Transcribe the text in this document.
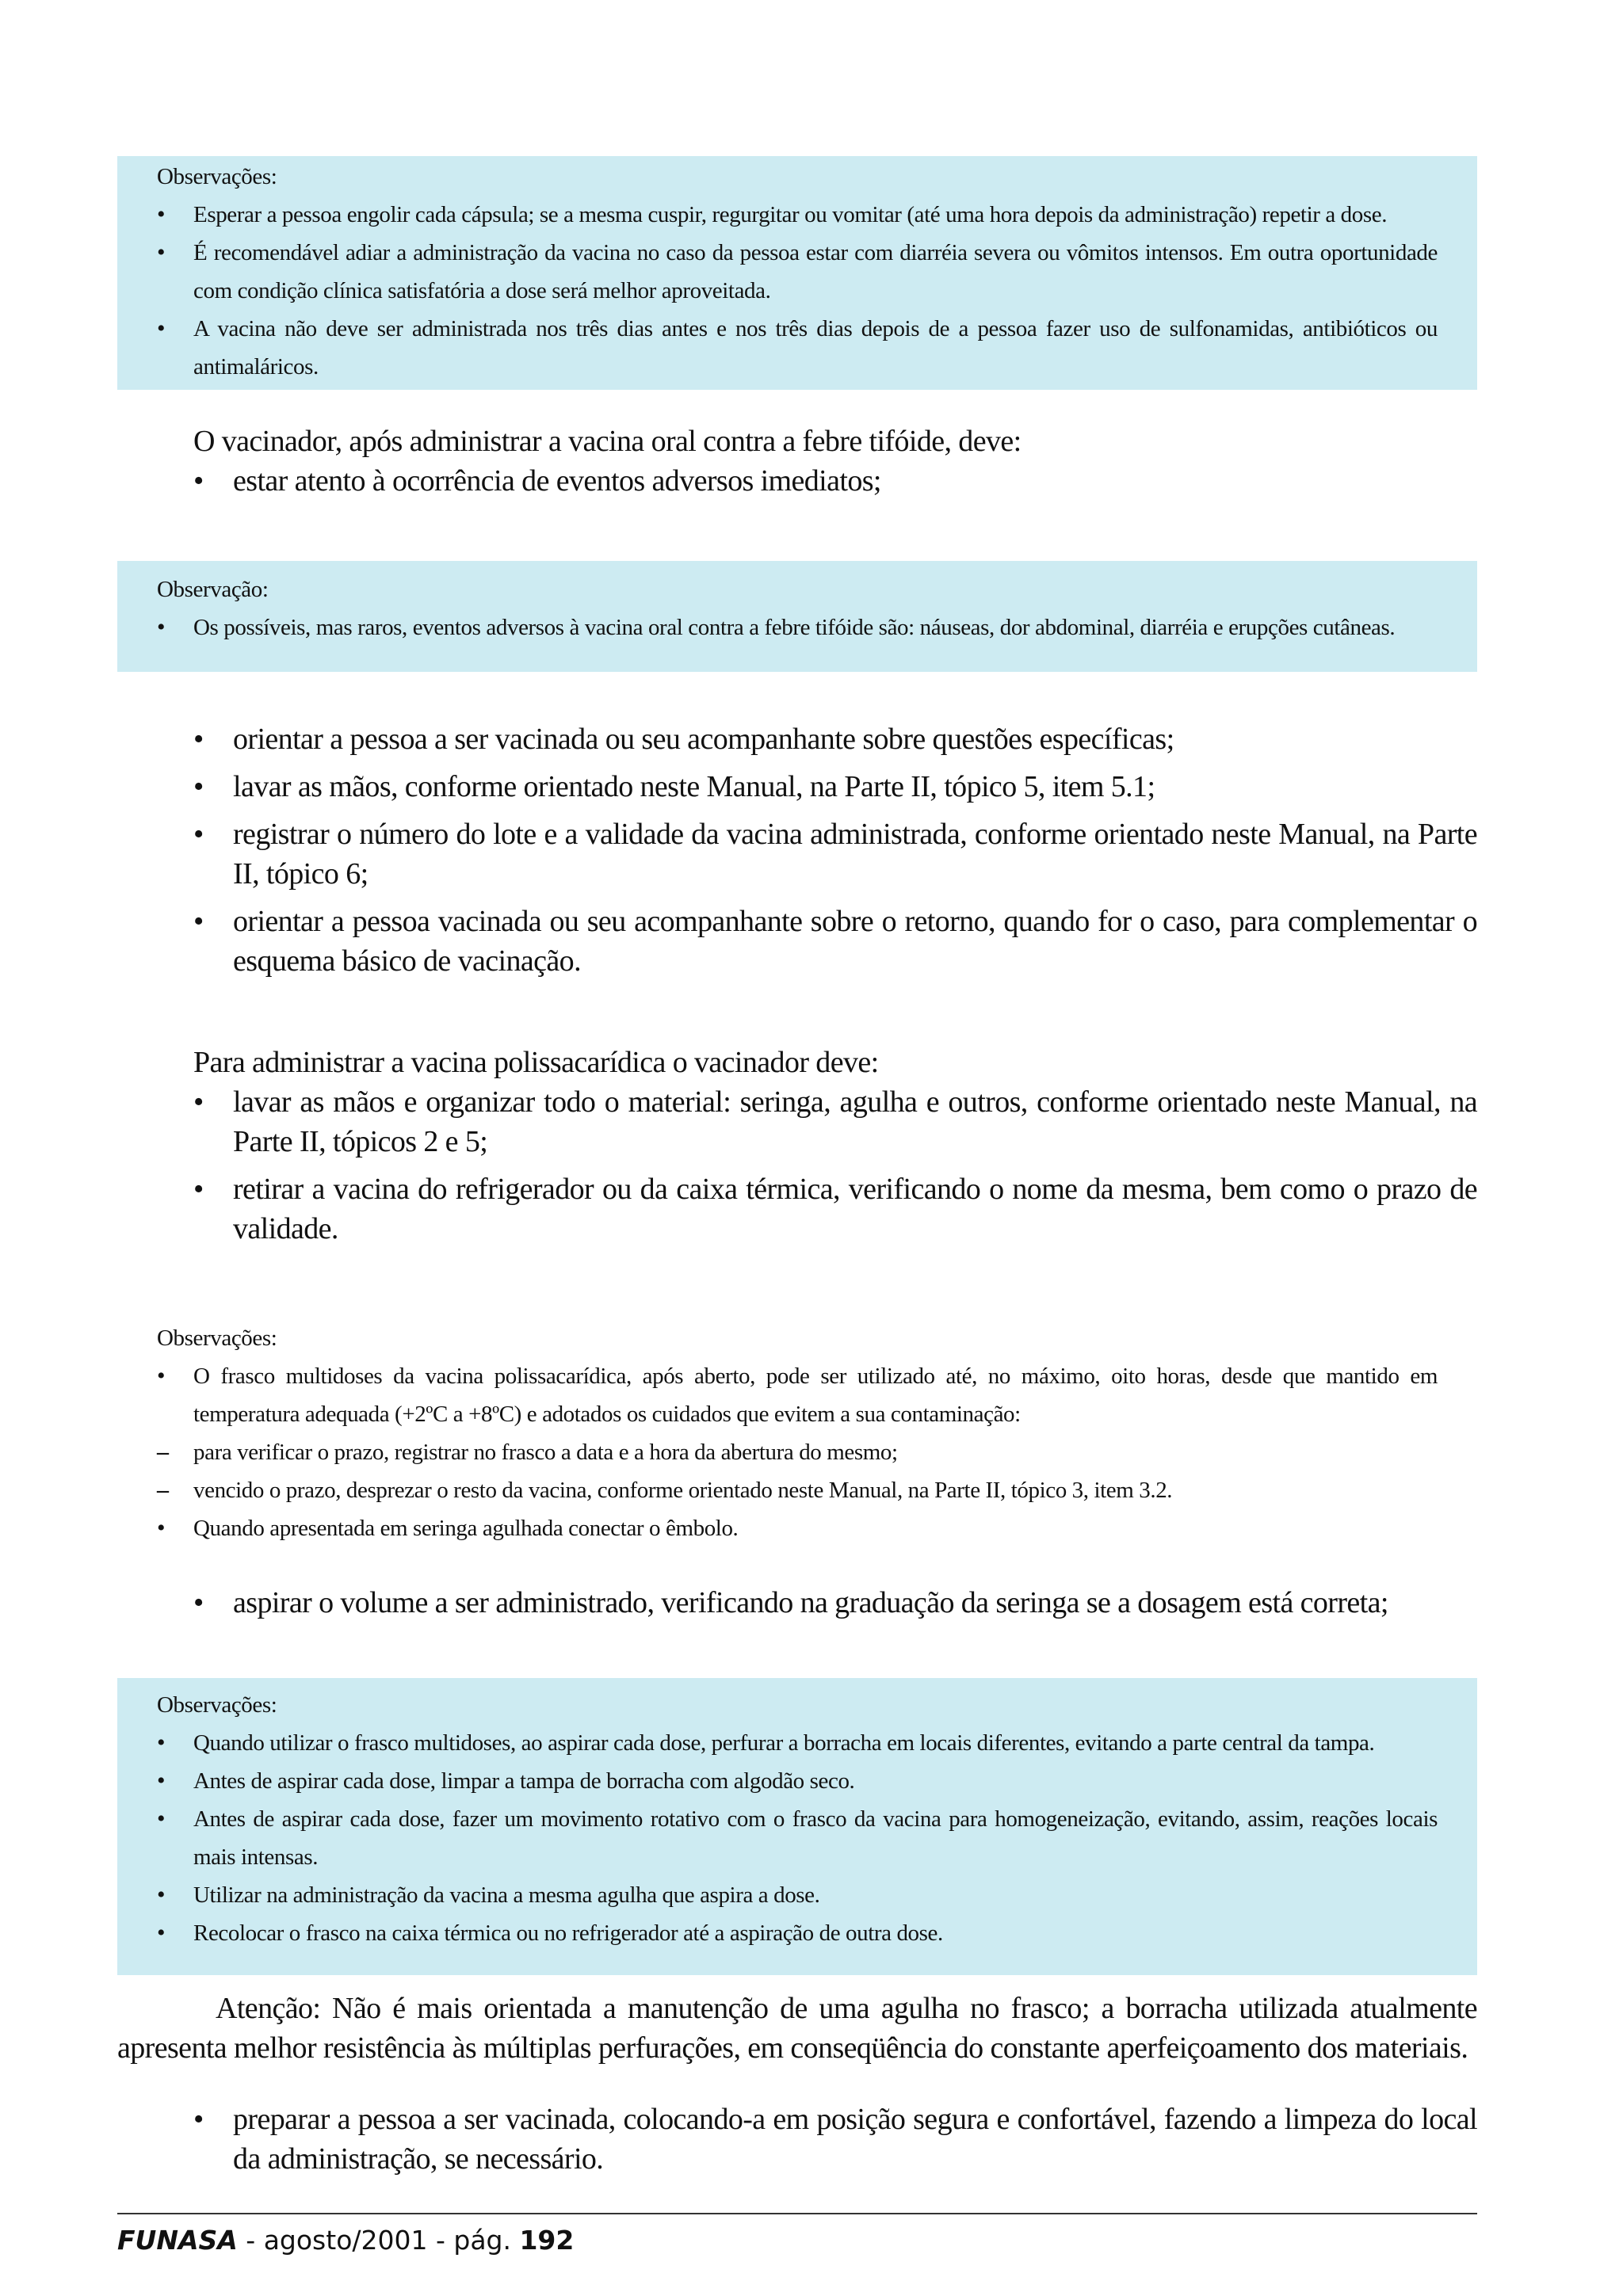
Observações:
• Esperar a pessoa engolir cada cápsula; se a mesma cuspir, regurgitar ou vomitar (até uma hora depois da administração) repetir a dose.
• É recomendável adiar a administração da vacina no caso da pessoa estar com diarréia severa ou vômitos intensos. Em outra oportunidade com condição clínica satisfatória a dose será melhor aproveitada.
• A vacina não deve ser administrada nos três dias antes e nos três dias depois de a pessoa fazer uso de sulfonamidas, antibióticos ou antimaláricos.

O vacinador, após administrar a vacina oral contra a febre tifóide, deve:

• estar atento à ocorrência de eventos adversos imediatos;
Observação:
• Os possíveis, mas raros, eventos adversos à vacina oral contra a febre tifóide são: náuseas, dor abdominal, diarréia e erupções cutâneas.
• orientar a pessoa a ser vacinada ou seu acompanhante sobre questões específicas;
• lavar as mãos, conforme orientado neste Manual, na Parte II, tópico 5, item 5.1;
• registrar o número do lote e a validade da vacina administrada, conforme orientado neste Manual, na Parte II, tópico 6;
• orientar a pessoa vacinada ou seu acompanhante sobre o retorno, quando for o caso, para complementar o esquema básico de vacinação.

Para administrar a vacina polissacarídica o vacinador deve:

• lavar as mãos e organizar todo o material: seringa, agulha e outros, conforme orientado neste Manual, na Parte II, tópicos 2 e 5;
• retirar a vacina do refrigerador ou da caixa térmica, verificando o nome da mesma, bem como o prazo de validade.
Observações:
• O frasco multidoses da vacina polissacarídica, após aberto, pode ser utilizado até, no máximo, oito horas, desde que mantido em temperatura adequada (+2ºC a +8ºC) e adotados os cuidados que evitem a sua contaminação:
– para verificar o prazo, registrar no frasco a data e a hora da abertura do mesmo;
– vencido o prazo, desprezar o resto da vacina, conforme orientado neste Manual, na Parte II, tópico 3, item 3.2.
• Quando apresentada em seringa agulhada conectar o êmbolo.
• aspirar o volume a ser administrado, verificando na graduação da seringa se a dosagem está correta;
Observações:
• Quando utilizar o frasco multidoses, ao aspirar cada dose, perfurar a borracha em locais diferentes, evitando a parte central da tampa.
• Antes de aspirar cada dose, limpar a tampa de borracha com algodão seco.
• Antes de aspirar cada dose, fazer um movimento rotativo com o frasco da vacina para homogeneização, evitando, assim, reações locais mais intensas.
• Utilizar na administração da vacina a mesma agulha que aspira a dose.
• Recolocar o frasco na caixa térmica ou no refrigerador até a aspiração de outra dose.

Atenção: Não é mais orientada a manutenção de uma agulha no frasco; a borracha utilizada atualmente apresenta melhor resistência às múltiplas perfurações, em conseqüência do constante aperfeiçoamento dos materiais.

• preparar a pessoa a ser vacinada, colocando-a em posição segura e confortável, fazendo a limpeza do local da administração, se necessário.
FUNASA - agosto/2001 - pág. 192
